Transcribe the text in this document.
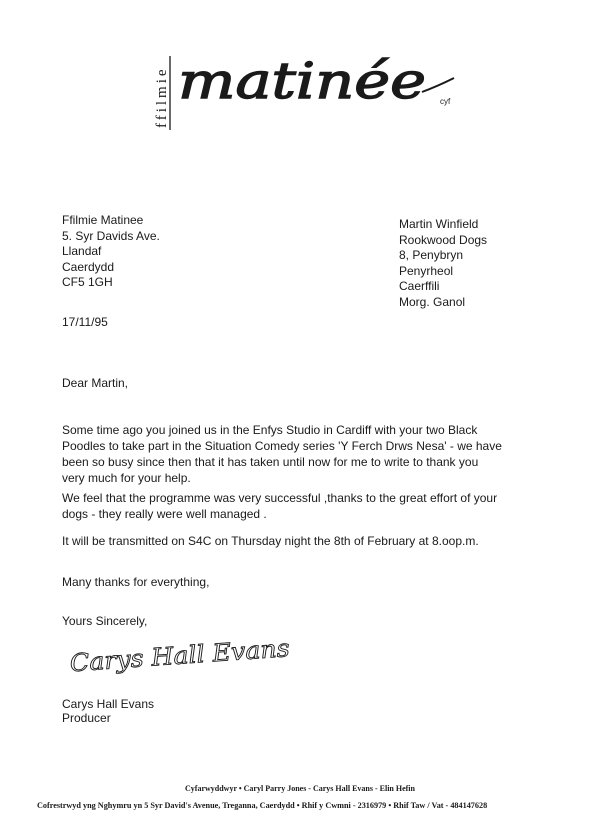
ffilmie matinée cyf
Ffilmie Matinee
5. Syr Davids Ave.
Llandaf
Caerdydd
CF5 1GH
Martin Winfield
Rookwood Dogs
8, Penybryn
Penyrheol
Caerffili
Morg. Ganol
17/11/95
Dear Martin,
Some time ago you joined us in the Enfys Studio in Cardiff with your two Black
Poodles to take part in the Situation Comedy series 'Y Ferch Drws Nesa' - we have
been so busy since then that it has taken until now for me to write to thank you
very much for your help.
We feel that the programme was very successful ,thanks to the great effort of your
dogs - they really were well managed .
It will be transmitted on S4C on Thursday night the 8th of February at 8.oop.m.
Many thanks for everything,
Yours Sincerely,
Carys Hall Evans
Carys Hall Evans
Producer
Cyfarwyddwyr • Caryl Parry Jones - Carys Hall Evans - Elin Hefin
Cofrestrwyd yng Nghymru yn 5 Syr David's Avenue, Treganna, Caerdydd • Rhif y Cwmni - 2316979 • Rhif Taw / Vat - 484147628
